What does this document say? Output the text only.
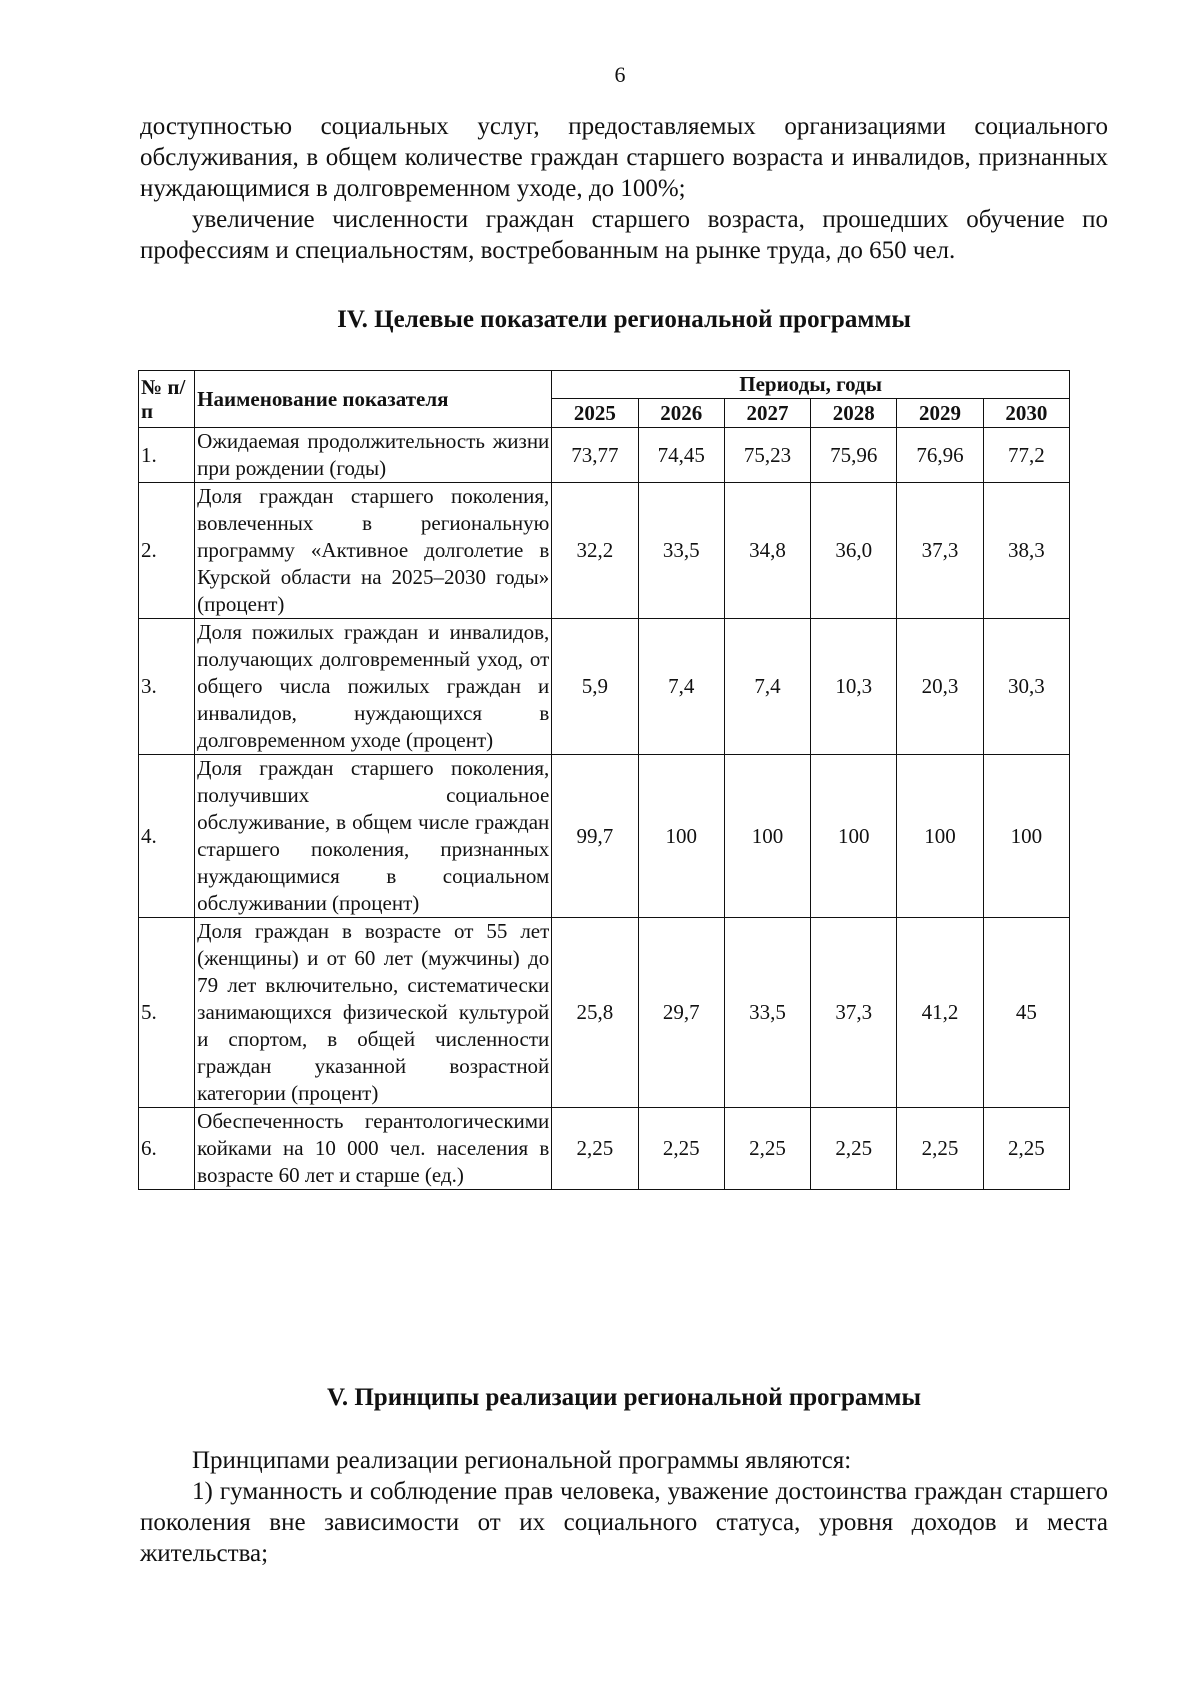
6

доступностью социальных услуг, предоставляемых организациями социального обслуживания, в общем количестве граждан старшего возраста и инвалидов, признанных нуждающимися в долговременном уходе, до 100%;

увеличение численности граждан старшего возраста, прошедших обучение по профессиям и специальностям, востребованным на рынке труда, до 650 чел.

IV. Целевые показатели региональной программы
№ п/п	Наименование показателя	Периоды, годы					
		2025	2026	2027	2028	2029	2030
1.	Ожидаемая продолжительность жизни при рождении (годы)	73,77	74,45	75,23	75,96	76,96	77,2
2.	Доля граждан старшего поколения, вовлеченных в региональную программу «Активное долголетие в Курской области на 2025–2030 годы» (процент)	32,2	33,5	34,8	36,0	37,3	38,3
3.	Доля пожилых граждан и инвалидов, получающих долговременный уход, от общего числа пожилых граждан и инвалидов, нуждающихся в долговременном уходе (процент)	5,9	7,4	7,4	10,3	20,3	30,3
4.	Доля граждан старшего поколения, получивших социальное обслуживание, в общем числе граждан старшего поколения, признанных нуждающимися в социальном обслуживании (процент)	99,7	100	100	100	100	100
5.	Доля граждан в возрасте от 55 лет (женщины) и от 60 лет (мужчины) до 79 лет включительно, систематически занимающихся физической культурой и спортом, в общей численности граждан указанной возрастной категории (процент)	25,8	29,7	33,5	37,3	41,2	45
6.	Обеспеченность герантологическими койками на 10 000 чел. населения в возрасте 60 лет и старше (ед.)	2,25	2,25	2,25	2,25	2,25	2,25
V. Принципы реализации региональной программы

Принципами реализации региональной программы являются:

1) гуманность и соблюдение прав человека, уважение достоинства граждан старшего поколения вне зависимости от их социального статуса, уровня доходов и места жительства;
